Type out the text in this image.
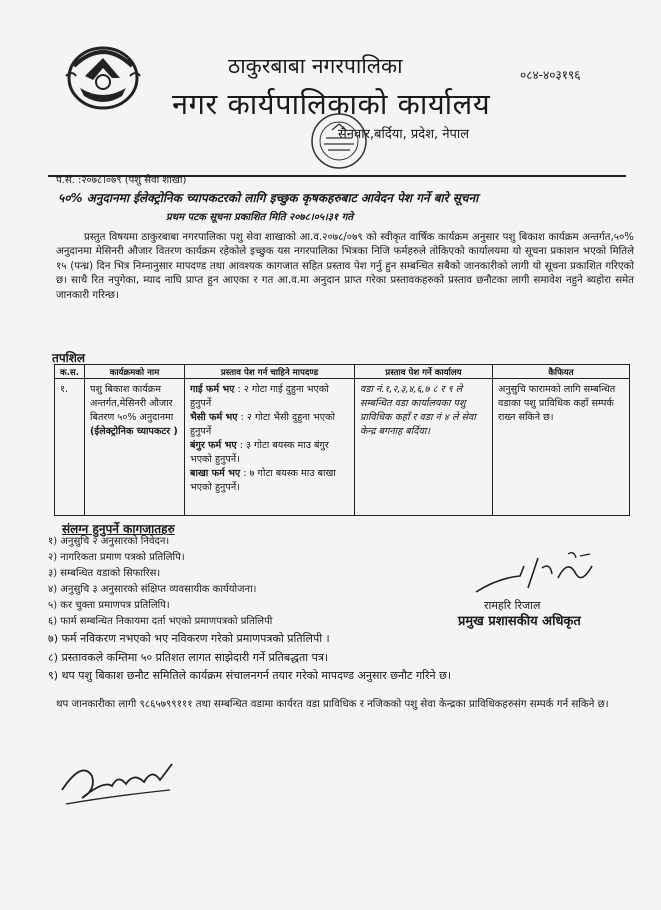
ठाकुरबाबा नगरपालिका
नगर कार्यपालिकाको कार्यालय
सैनवार,बर्दिया, प्रदेश, नेपाल
०८४-४०३१९६
प.सं. :२०७८।०७९ (पशु सेवा शाखा)
५०% अनुदानमा ईलेक्ट्रोनिक च्यापकटरको लागि इच्छुक कृषकहरुबाट आवेदन पेश गर्ने बारे सूचना
प्रथम पटक सूचना प्रकाशित मिति २०७८।०५।३१ गते

प्रस्तुत विषयमा ठाकुरबाबा नगरपालिका पशु सेवा शाखाको आ.व.२०७८/०७९ को स्वीकृत वार्षिक कार्यक्रम अनुसार पशु बिकाश कार्यक्रम अन्तर्गत,५०% अनुदानमा मेसिनरी औजार वितरण कार्यक्रम रहेकोले इच्छुक यस नगरपालिका भित्रका निजि फर्महरुले तोकिएको कार्यालयमा यो सूचना प्रकाशन भएको मितिले १५ (पन्ध्र) दिन भित्र निम्नानुसार मापदण्ड तथा आवश्यक कागजात सहित प्रस्ताव पेश गर्नु हुन सम्बन्धित सबैको जानकारीको लागी यो सूचना प्रकाशित गरिएको छ। साथै रित नपुगेका, म्याद नाघि प्राप्त हुन आएका र गत आ.व.मा अनुदान प्राप्त गरेका प्रस्तावकहरुको प्रस्ताव छनौटका लागी समावेश नहुने ब्यहोरा समेत जानकारी गरिन्छ।

तपशिल
क.स.	कार्यक्रमको नाम	प्रस्ताव पेश गर्न चाहिने मापदण्ड	प्रस्ताव पेश गर्ने कार्यालय	कैफियत
१.	पशु बिकाश कार्यक्रम अन्तर्गत,मेसिनरी औजार बितरण ५०% अनुदानमा (ईलेक्ट्रोनिक च्यापकटर )	गाई फर्म भए : २ गोटा गाई दुहुना भएको हुनुपर्ने
भैसी फर्म भए : २ गोटा भैसी दुहुना भएको हुनुपर्ने
बंगुर फर्म भए : ३ गोटा बयस्क माउ बंगुर भएको हुनुपर्ने।
बाखा फर्म भए : ७ गोटा बयस्क माउ बाखा भएको हुनुपर्ने।	वडा नं.१,२,३,४,६,७ ८ र ९ ले सम्बन्धित वडा कार्यालयका पशु प्राविधिक कहाँ र वडा नं ४ ले सेवा केन्द्र बगनाह बर्दिया।	अनुसुचि फारामको लागि सम्बन्धित वडाका पशु प्राविधिक कहाँ सम्पर्क राख्न सकिने छ।
संलग्न हुनुपर्ने कागजातहरु
१) अनुसुचि २ अनुसारको निवेदन।
२) नागरिकता प्रमाण पत्रको प्रतिलिपि।
३) सम्बन्धित वडाको सिफारिस।
४) अनुसुचि ३ अनुसारको संक्षिप्त व्यवसायीक कार्ययोजना।
५) कर चुक्ता प्रमाणपत्र प्रतिलिपि।
६) फार्म सम्बन्धित निकायमा दर्ता भएको प्रमाणपत्रको प्रतिलिपी
७) फर्म नविकरण नभएको भए नविकरण गरेको प्रमाणपत्रको प्रतिलिपी ।
८) प्रस्तावकले कम्तिमा ५० प्रतिशत लागत साझेदारी गर्ने प्रतिबद्धता पत्र।
९) थप पशु बिकाश छनौट समितिले कार्यक्रम संचालनगर्न तयार गरेको मापदण्ड अनुसार छनौट गरिने छ।
रामहरि रिजाल
प्रमुख प्रशासकीय अधिकृत

थप जानकारीका लागी ९८६५७९९१११ तथा सम्बन्धित वडामा कार्यरत वडा प्राविधिक र नजिकको पशु सेवा केन्द्रका प्राविधिकहरुसंग सम्पर्क गर्न सकिने छ।
